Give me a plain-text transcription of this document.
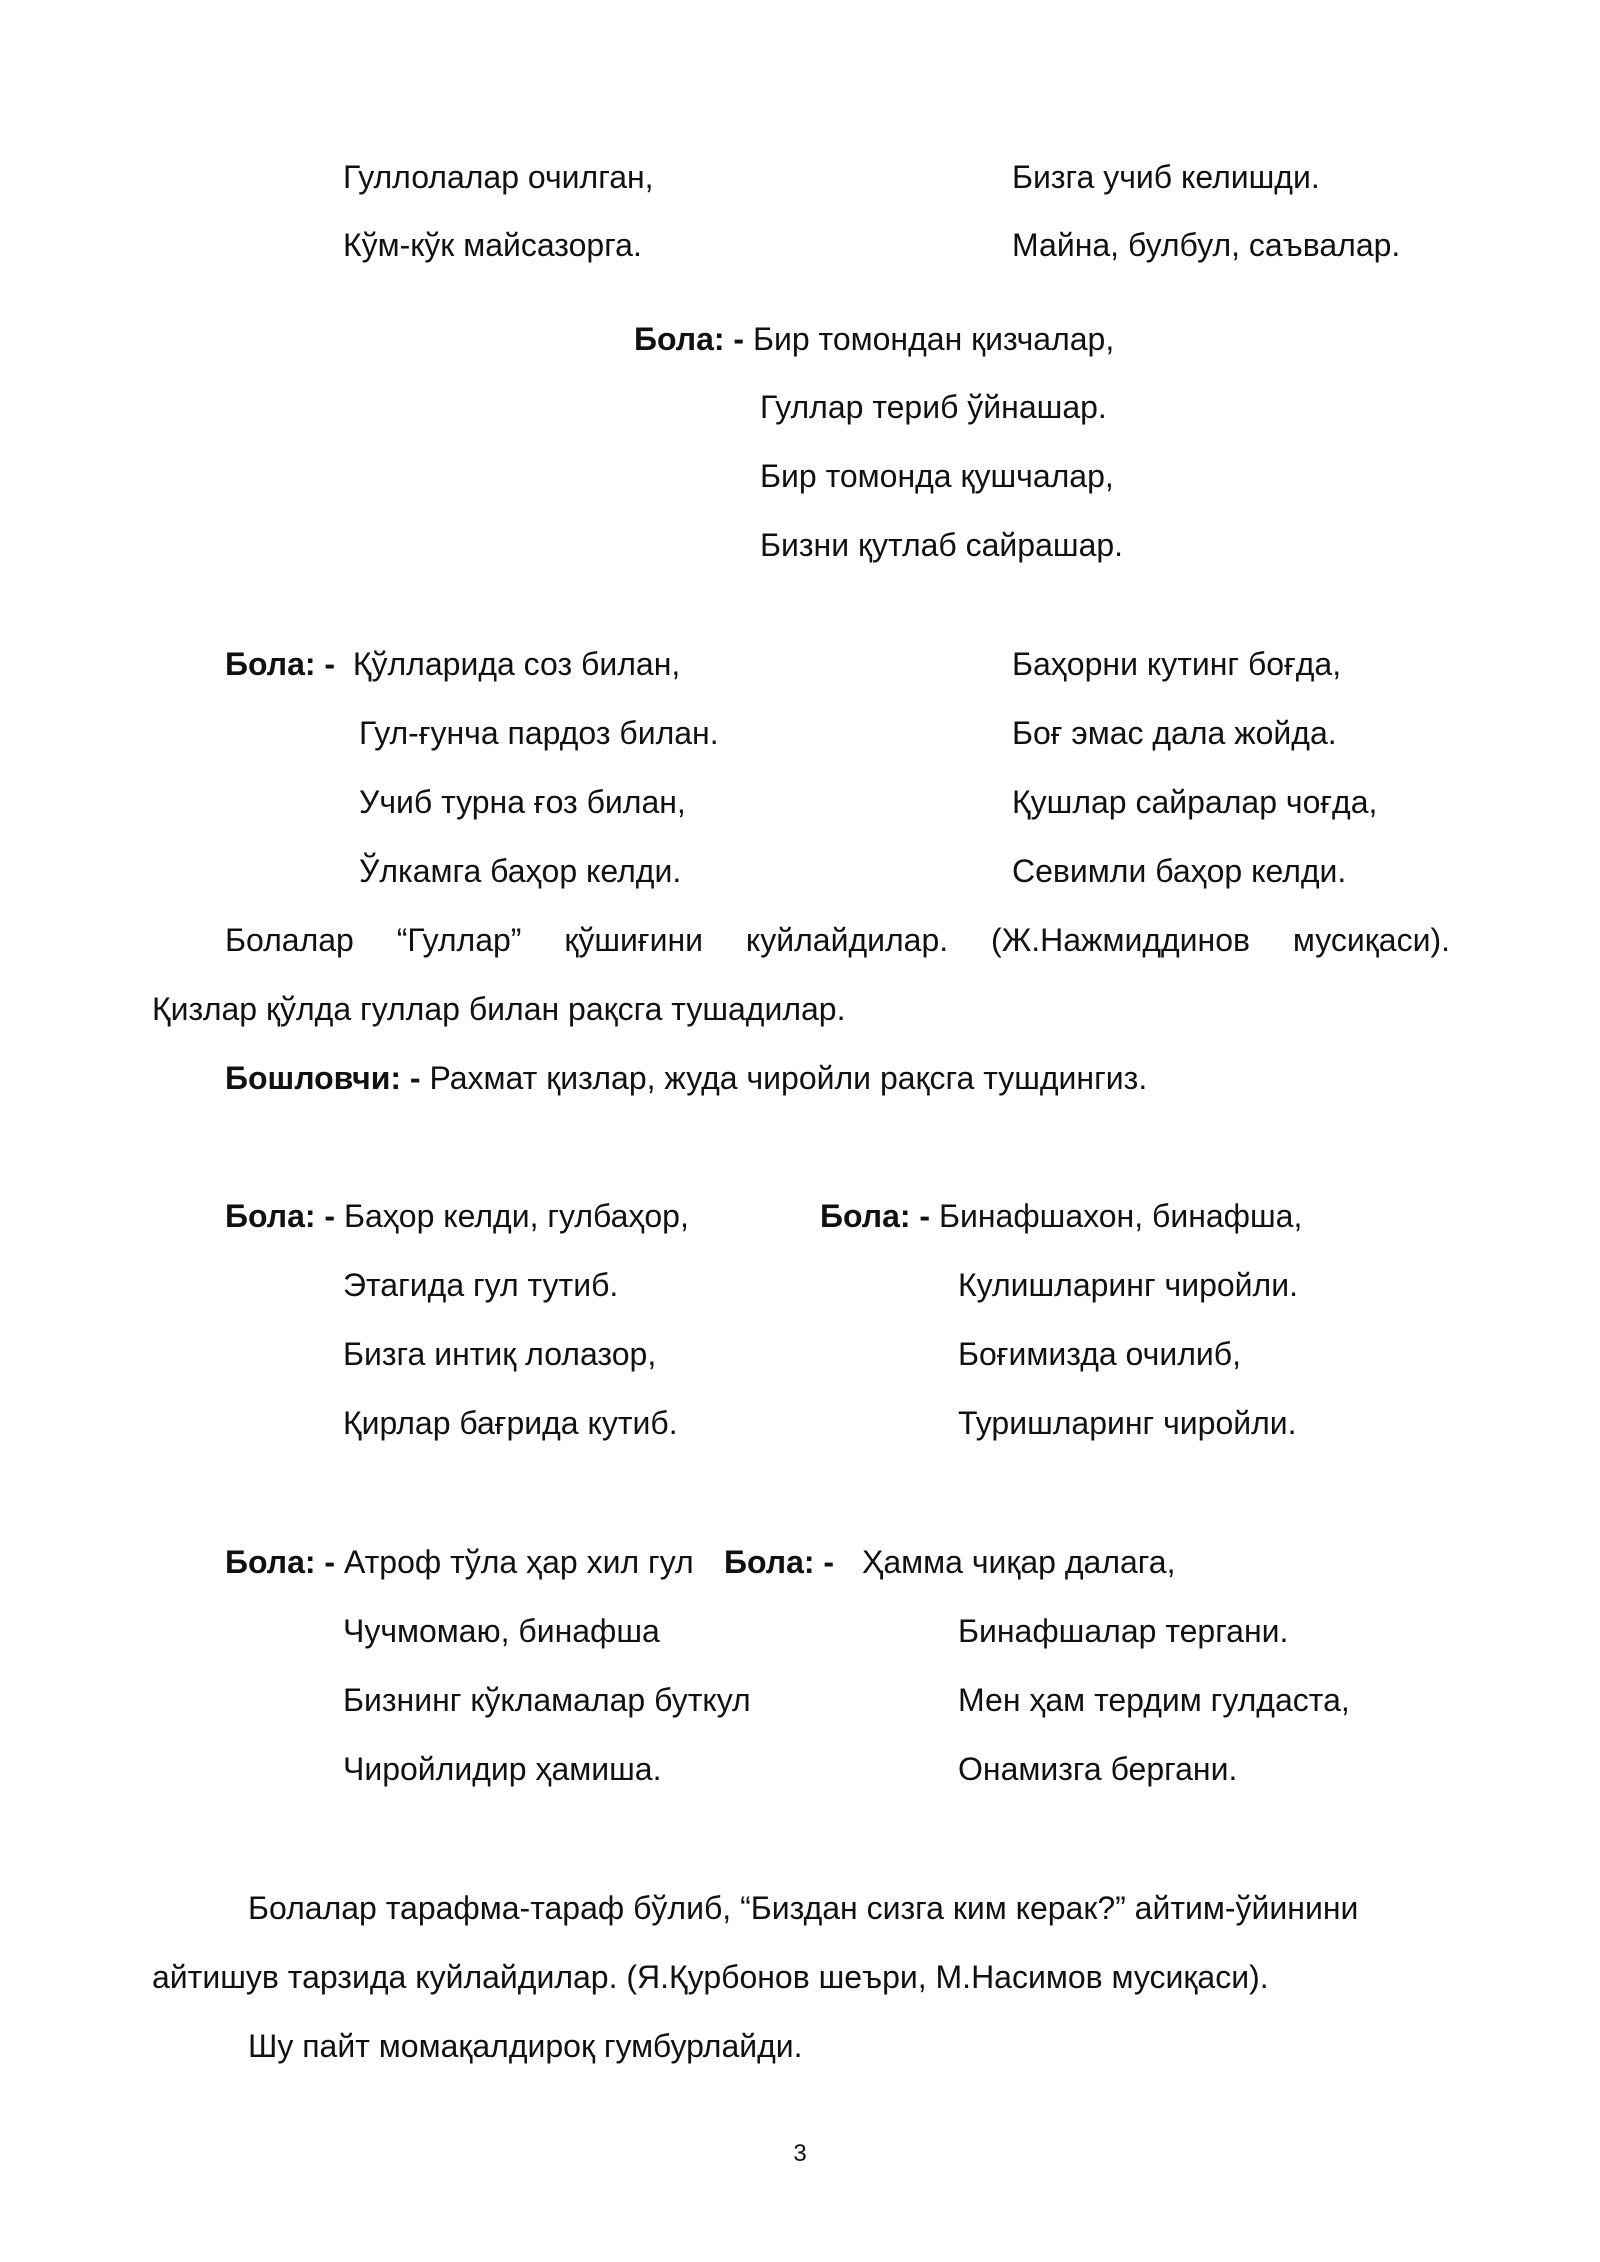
Гуллолалар очилган,
Кўм-кўк майсазорга.
Бизга учиб келишди.
Майна, булбул, саъвалар.
Бола: - Бир томондан қизчалар,
Гуллар териб ўйнашар.
Бир томонда қушчалар,
Бизни қутлаб сайрашар.
Бола: - Қўлларида соз билан,
Гул-ғунча пардоз билан.
Учиб турна ғоз билан,
Ўлкамга баҳор келди.
Баҳорни кутинг боғда,
Боғ эмас дала жойда.
Қушлар сайралар чоғда,
Севимли баҳор келди.
Болалар “Гуллар” қўшиғини куйлайдилар. (Ж.Нажмиддинов мусиқаси).
Қизлар қўлда гуллар билан рақсга тушадилар.
Бошловчи: - Рахмат қизлар, жуда чиройли рақсга тушдингиз.
Бола: - Баҳор келди, гулбаҳор,
Этагида гул тутиб.
Бизга интиқ лолазор,
Қирлар бағрида кутиб.
Бола: - Бинафшахон, бинафша,
Кулишларинг чиройли.
Боғимизда очилиб,
Туришларинг чиройли.
Бола: - Атроф тўла ҳар хил гул
Чучмомаю, бинафша
Бизнинг кўкламалар буткул
Чиройлидир ҳамиша.
Бола: - Ҳамма чиқар далага,
Бинафшалар тергани.
Мен ҳам тердим гулдаста,
Онамизга бергани.
Болалар тарафма-тараф бўлиб, “Биздан сизга ким керак?” айтим-ўйинини
айтишув тарзида куйлайдилар. (Я.Қурбонов шеъри, М.Насимов мусиқаси).
Шу пайт момақалдироқ гумбурлайди.
3
